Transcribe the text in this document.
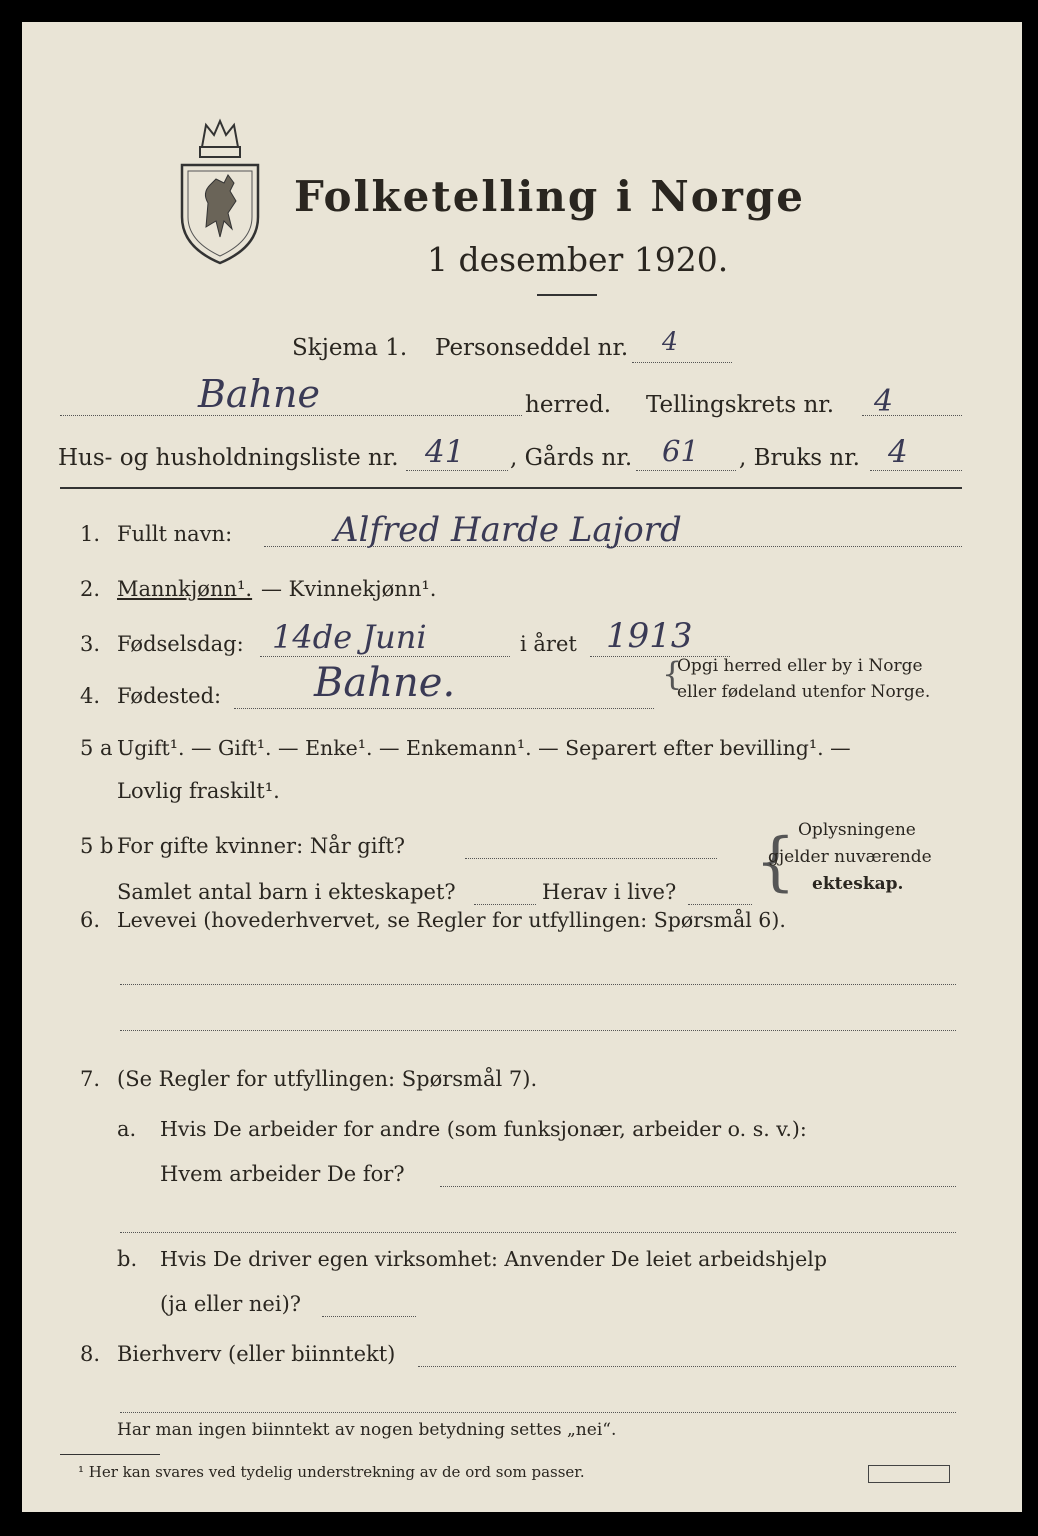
Folketelling i Norge
1 desember 1920.
Skjema 1. Personseddel nr. 4
Bahne	herred. Tellingskrets nr. 4
Hus- og husholdningsliste nr. 41 , Gårds nr. 61 , Bruks nr. 4
1. Fullt navn:	Alfred Harde Lajord
2. Mannkjønn¹. — Kvinnekjønn¹.
3. Fødselsdag: 14de Juni	i året 1913
4. Fødested: Bahne.	{
Opgi herred eller by i Norge
eller fødeland utenfor Norge.
5 a Ugift¹. — Gift¹. — Enke¹. — Enkemann¹. — Separert efter bevilling¹. —
Lovlig fraskilt¹.
5 b For gifte kvinner: Når gift?
Samlet antal barn i ekteskapet?	Herav i live? { Oplysningene
gjelder nuværende
ekteskap.
6. Levevei (hovederhvervet, se Regler for utfyllingen: Spørsmål 6).
7. (Se Regler for utfyllingen: Spørsmål 7).
a. Hvis De arbeider for andre (som funksjonær, arbeider o. s. v.):
Hvem arbeider De for?
b. Hvis De driver egen virksomhet: Anvender De leiet arbeidshjelp
(ja eller nei)?
8. Bierhverv (eller biinntekt)
Har man ingen biinntekt av nogen betydning settes „nei“.
¹ Her kan svares ved tydelig understrekning av de ord som passer.
